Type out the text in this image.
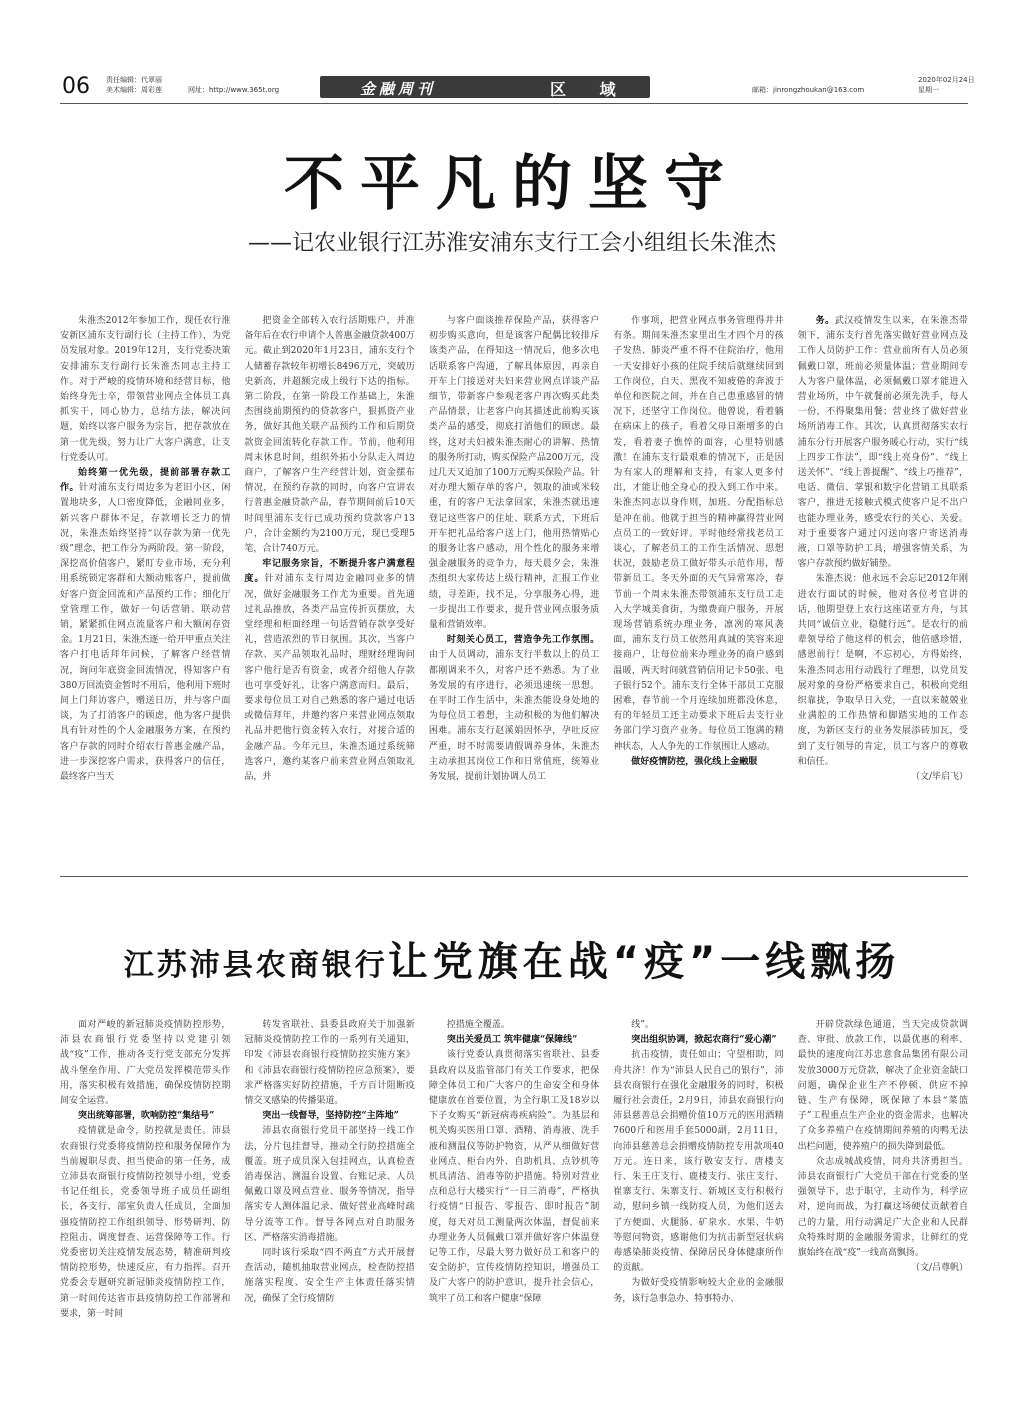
06 责任编辑：代翠丽
美术编辑：周彩莲	网址：http://www.365t.org	金融周刊	区 域	邮箱：jinrongzhoukan@163.com
2020年02月24日
星期一
不平凡的坚守
——记农业银行江苏淮安浦东支行工会小组组长朱淮杰

朱淮杰2012年参加工作，现任农行淮安新区浦东支行副行长（主持工作），为党员发展对象。2019年12月，支行党委决策安排浦东支行副行长朱淮杰同志主持工作。对于严峻的疫情环境和经营目标，他始终身先士卒，带领营业网点全体员工真抓实干，同心协力，总结方法，解决问题，始终以客户服务为宗旨，把存款放在第一优先级，努力让广大客户满意，让支行党委认可。

始终第一优先级，提前部署存款工作。针对浦东支行周边多为老旧小区，闲置地块多，人口密度降低，金融同业多，新兴客户群体不足，存款增长乏力的情况，朱淮杰始终坚持“以存款为第一优先级”理念，把工作分为两阶段。第一阶段，深挖高价值客户，紧盯专业市场，充分利用系统锁定客群和大额动账客户，提前做好客户资金回流和产品预约工作；细化厅堂管理工作，做好一句话营销、联动营销，紧紧抓住网点流量客户和大额闲存资金。1月21日，朱淮杰逐一给开甲重点关注客户打电话拜年问候，了解客户经营情况，询问年底资金回流情况，得知客户有380万回流资金暂时不用后，他利用下班时间上门拜访客户，赠送日历，并与客户面谈，为了打消客户的顾虑，他为客户提供具有针对性的个人金融服务方案，在预约客户存款的同时介绍农行普惠金融产品，进一步深挖客户需求，获得客户的信任，最终客户当天

把资金全部转入农行活期账户，并准备年后在农行申请个人普惠金融贷款400万元。截止到2020年1月23日，浦东支行个人储蓄存款较年初增长8496万元，突破历史新高，并超额完成上级行下达的指标。第二阶段，在第一阶段工作基础上，朱淮杰围绕前期预约的贷款客户，狠抓资产业务，做好其他关联产品预约工作和后期贷款资金回流转化存款工作。节前，他利用周末休息时间，组织外拓小分队走入周边商户，了解客户生产经营计划，资金摆布情况，在预约存款的同时，向客户宣讲农行普惠金融贷款产品，春节期间前后10天时间里浦东支行已成功预约贷款客户13户，合计金额约为2100万元，现已受理5笔，合计740万元。

牢记服务宗旨，不断提升客户满意程度。针对浦东支行周边金融同业多的情况，做好金融服务工作尤为重要。首先通过礼品推放，各类产品宣传折页摆放，大堂经理和柜面经理一句话营销存款享受好礼，营造浓烈的节日氛围。其次，当客户存款、买产品领取礼品时，理财经理询问客户他行是否有资金，或者介绍他人存款也可享受好礼，让客户满意而归。最后，要求每位员工对自己熟悉的客户通过电话或微信拜年，并邀约客户来营业网点领取礼品并把他行资金转入农行，对接合适的金融产品。今年元旦，朱淮杰通过系统筛选客户，邀约某客户前来营业网点领取礼品，并

与客户面谈推荐保险产品，获得客户初步购买意向，但是该客户配偶比较排斥该类产品，在得知这一情况后，他多次电话联系客户沟通，了解具体原因，再亲自开车上门接送对夫妇来营业网点详谈产品细节，带新客户参观老客户再次购买此类产品情景，让老客户向其描述此前购买该类产品的感受，彻底打消他们的顾虑。最终，这对夫妇被朱淮杰耐心的讲解、热情的服务所打动，购买保险产品200万元，没过几天又追加了100万元购买保险产品。针对办理大额存单的客户，领取的油或米较重，有的客户无法拿回家，朱淮杰就迅速登记这些客户的住址、联系方式，下班后开车把礼品给客户送上门，他用热情贴心的服务让客户感动，用个性化的服务来增强金融服务的竞争力，每天晨夕会，朱淮杰组织大家传达上级行精神，汇报工作业绩，寻差距，找不足，分享服务心得，进一步提出工作要求，提升营业网点服务质量和营销效率。

时刻关心员工，营造争先工作氛围。由于人员调动，浦东支行半数以上的员工都刚调来不久，对客户还不熟悉。为了业务发展的有序进行，必须迅速统一思想。在平时工作生活中，朱淮杰能设身处地的为每位员工着想，主动积极的为他们解决困难。浦东支行赵溪娟因怀孕，孕吐反应严重，时不时需要请假调养身体，朱淮杰主动承担其岗位工作和日常值班，统筹业务发展，提前计划协调人员工

作事项，把营业网点事务管理得井井有条。期间朱淮杰家里出生才四个月的孩子发热、肺炎严重不得不住院治疗，他用一天安排好小孩的住院手续后就继续回到工作岗位，白天、黑夜不知疲倦的奔波于单位和医院之间，并在自己患重感冒的情况下，还坚守工作岗位。他曾说，看着躺在病床上的孩子，看着父母日渐增多的白发，看着妻子憔悴的面容，心里特别感激！在浦东支行最艰难的情况下，正是因为有家人的理解和支持，有家人更多付出，才能让他全身心的投入到工作中来。朱淮杰同志以身作则，加班、分配指标总是冲在前。他就于担当的精神赢得营业网点员工的一致好评。平时他经常找老员工谈心，了解老员工的工作生活情况、思想状况，鼓励老员工做好带头示范作用，帮带新员工。冬天外面的天气异常寒冷，春节前一个周末朱淮杰带领浦东支行员工走入大学城美食街，为缴费商户服务，开展现场营销系统办理业务，凛冽的寒风袭面，浦东支行员工依然用真诚的笑容来迎接商户，让每位前来办理业务的商户感到温暖，两天时间就营销信用记卡50张、电子银行52个。浦东支行全体干部员工克服困难，春节前一个月连续加班都没休息，有的年轻员工还主动要求下班后去支行业务部门学习资产业务。每位员工饱满的精神状态，人人争先的工作氛围让人感动。

做好疫情防控，强化线上金融服

务。武汉疫情发生以来，在朱淮杰带领下，浦东支行首先落实做好营业网点及工作人员防护工作：营业前所有人员必须佩戴口罩，班前必须量体温；营业期间专人为客户量体温，必须佩戴口罩才能进入营业场所，中午就餐前必须先洗手，每人一份，不得聚集用餐；营业终了做好营业场所消毒工作。其次，认真贯彻落实农行浦东分行开展客户服务暖心行动，实行“线上四步工作法”，即“线上亮身份”、“线上送关怀”、“线上善提醒”、“线上巧推荐”，电话、微信、掌银和数字化营销工具联系客户，推进无接触式模式使客户足不出户也能办理业务，感受农行的关心、关爱。对于重要客户通过闪送向客户寄送消毒液，口罩等防护工具，增强客情关系，为客户存款预约做好铺垫。

朱淮杰说：他永远不会忘记2012年刚进农行面试的时候，他对各位考官讲的话，他期望登上农行这座诺亚方舟，与其共同“诚信立业，稳健行远”。是农行的前辈领导给了他这样的机会，他倍感珍惜，感恩前行！是啊，不忘初心，方得始终，朱淮杰同志用行动践行了理想，以党员发展对象的身份严格要求自己，积极向党组织靠拢，争取早日入党，一直以来兢兢业业满腔的工作热情和脚踏实地的工作态度，为新区支行的业务发展添砖加瓦，受到了支行领导的肯定，员工与客户的尊敬和信任。

（文/毕启飞）

江苏沛县农商银行让党旗在战“疫”一线飘扬

面对严峻的新冠肺炎疫情防控形势，沛县农商银行党委坚持以党建引领战“疫”工作，推动各支行党支部充分发挥战斗堡垒作用、广大党员发挥模范带头作用，落实积极有效措施，确保疫情防控期间安全运营。

突出统筹部署，吹响防控“集结号”

疫情就是命令，防控就是责任。沛县农商银行党委将疫情防控和服务保障作为当前履职尽责、担当使命的第一任务，成立沛县农商银行疫情防控领导小组，党委书记任组长，党委领导班子成员任副组长，各支行、部室负责人任成员，全面加强疫情防控工作组织领导、形势研判、防控阻击、调度督查、运营保障等工作。行党委密切关注疫情发展态势，精准研判疫情防控形势，快速反应，有力指挥。召开党委会专题研究新冠肺炎疫情防控工作，第一时间传达省市县疫情防控工作部署和要求，第一时间

转发省联社、县委县政府关于加强新冠肺炎疫情防控工作的一系列有关通知，印发《沛县农商银行疫情防控实施方案》和《沛县农商银行疫情防控应急预案》，要求严格落实好防控措施，千方百计阻断疫情交叉感染的传播渠道。

突出一线督导，坚持防控“主阵地”

沛县农商银行党员干部坚持一线工作法，分片包挂督导，推动全行防控措施全覆盖。班子成员深入包挂网点，认真检查消毒保洁、测温台设置、台账记录、人员佩戴口罩及网点营业、服务等情况，指导落实专人测体温记录、做好营业高峰时疏导分流等工作。督导各网点对自助服务区、严格落实消毒措施。

同时该行采取“四不两直”方式开展督查活动，随机抽取营业网点，检查防控措施落实程度、安全生产主体责任落实情况，确保了全行疫情防

控措施全覆盖。

突出关爱员工 筑牢健康“保障线”

该行党委认真贯彻落实省联社、县委县政府以及监管部门有关工作要求，把保障全体员工和广大客户的生命安全和身体健康放在首要位置，为全行职工及18岁以下子女购买“新冠病毒疾病险”。为基层和机关购买医用口罩、酒精、消毒液、洗手液和测温仪等防护物资，从严从细做好营业网点、柜台内外、自助机具、点钞机等机具清洁、消毒等防护措施。特别对营业点和总行大楼实行“一日三消毒”，严格执行疫情“日报告、零报告、即时报告”制度，每天对员工测量两次体温，督促前来办理业务人员佩戴口罩并做好客户体温登记等工作，尽最大努力做好员工和客户的安全防护，宣传疫情防控知识，增强员工及广大客户的防护意识，提升社会信心，筑牢了员工和客户健康“保障

线”。

突出组织协调，掀起农商行“爱心潮”

抗击疫情，责任如山；守望相助，同舟共济！作为“沛县人民自己的银行”，沛县农商银行在强化金融服务的同时，积极履行社会责任，2月9日，沛县农商银行向沛县慈善总会捐赠价值10万元的医用酒精7600斤和医用手套5000副，2月11日，向沛县慈善总会捐赠疫情防控专用款项40万元。连日来，该行敬安支行、唐楼支行、朱王庄支行、鹿楼支行、张庄支行、崔寨支行、朱寨支行、新城区支行积极行动，慰问乡镇一线防疫人员，为他们送去了方便面、火腿肠、矿泉水、水果、牛奶等慰问物资，感谢他们为抗击新型冠状病毒感染肺炎疫情、保障居民身体健康所作的贡献。

为做好受疫情影响较大企业的金融服务，该行急事急办、特事特办、

开辟贷款绿色通道，当天完成贷款调查、审批、放款工作，以最优惠的利率、最快的速度向江苏忠意食品集团有限公司发放3000万元贷款，解决了企业资金缺口问题，确保企业生产不停顿、供应不掉链、生产有保障，既保障了本县“菜篮子”工程重点生产企业的资金需求，也解决了众多养殖户在疫情期间养殖的肉鸭无法出栏问题，使养殖户的损失降到最低。

众志成城战疫情，同舟共济勇担当。沛县农商银行广大党员干部在行党委的坚强领导下，忠于职守，主动作为，科学应对，逆向而战，为打赢这场硬仗贡献着自己的力量，用行动满足广大企业和人民群众特殊时期的金融服务需求，让鲜红的党旗始终在战“疫”一线高高飘扬。

（文/吕尊帆）
